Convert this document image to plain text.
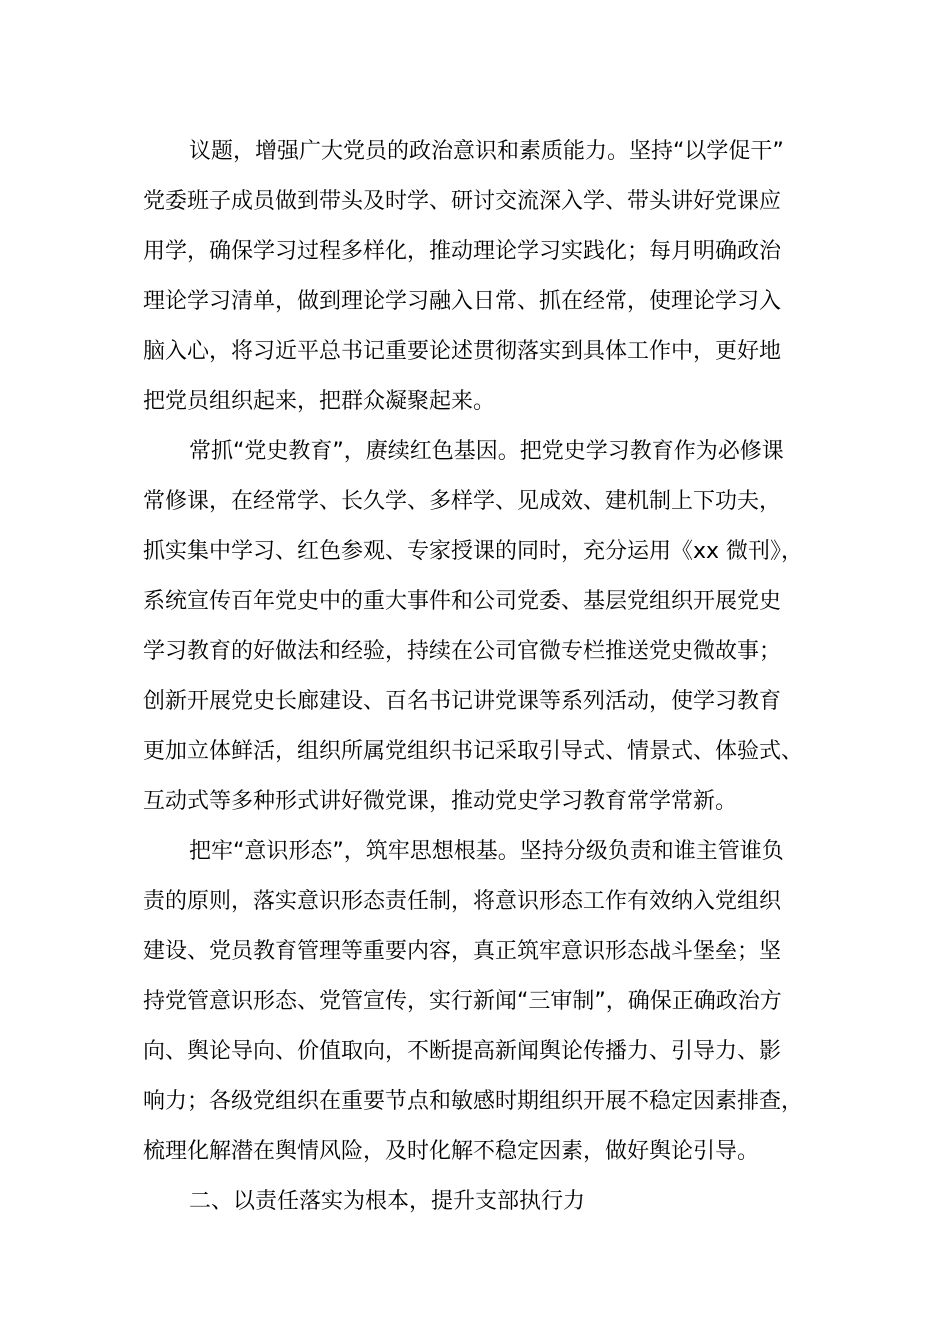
议题，增强广大党员的政治意识和素质能力。坚持“以学促干”
党委班子成员做到带头及时学、研讨交流深入学、带头讲好党课应
用学，确保学习过程多样化，推动理论学习实践化；每月明确政治
理论学习清单，做到理论学习融入日常、抓在经常，使理论学习入
脑入心，将习近平总书记重要论述贯彻落实到具体工作中，更好地
把党员组织起来，把群众凝聚起来。
常抓“党史教育”，赓续红色基因。把党史学习教育作为必修课
常修课，在经常学、长久学、多样学、见成效、建机制上下功夫，
抓实集中学习、红色参观、专家授课的同时，充分运用《xx 微刊》，
系统宣传百年党史中的重大事件和公司党委、基层党组织开展党史
学习教育的好做法和经验，持续在公司官微专栏推送党史微故事；
创新开展党史长廊建设、百名书记讲党课等系列活动，使学习教育
更加立体鲜活，组织所属党组织书记采取引导式、情景式、体验式、
互动式等多种形式讲好微党课，推动党史学习教育常学常新。
把牢“意识形态”，筑牢思想根基。坚持分级负责和谁主管谁负
责的原则，落实意识形态责任制，将意识形态工作有效纳入党组织
建设、党员教育管理等重要内容，真正筑牢意识形态战斗堡垒；坚
持党管意识形态、党管宣传，实行新闻“三审制”，确保正确政治方
向、舆论导向、价值取向，不断提高新闻舆论传播力、引导力、影
响力；各级党组织在重要节点和敏感时期组织开展不稳定因素排查，
梳理化解潜在舆情风险，及时化解不稳定因素，做好舆论引导。
二、以责任落实为根本，提升支部执行力
